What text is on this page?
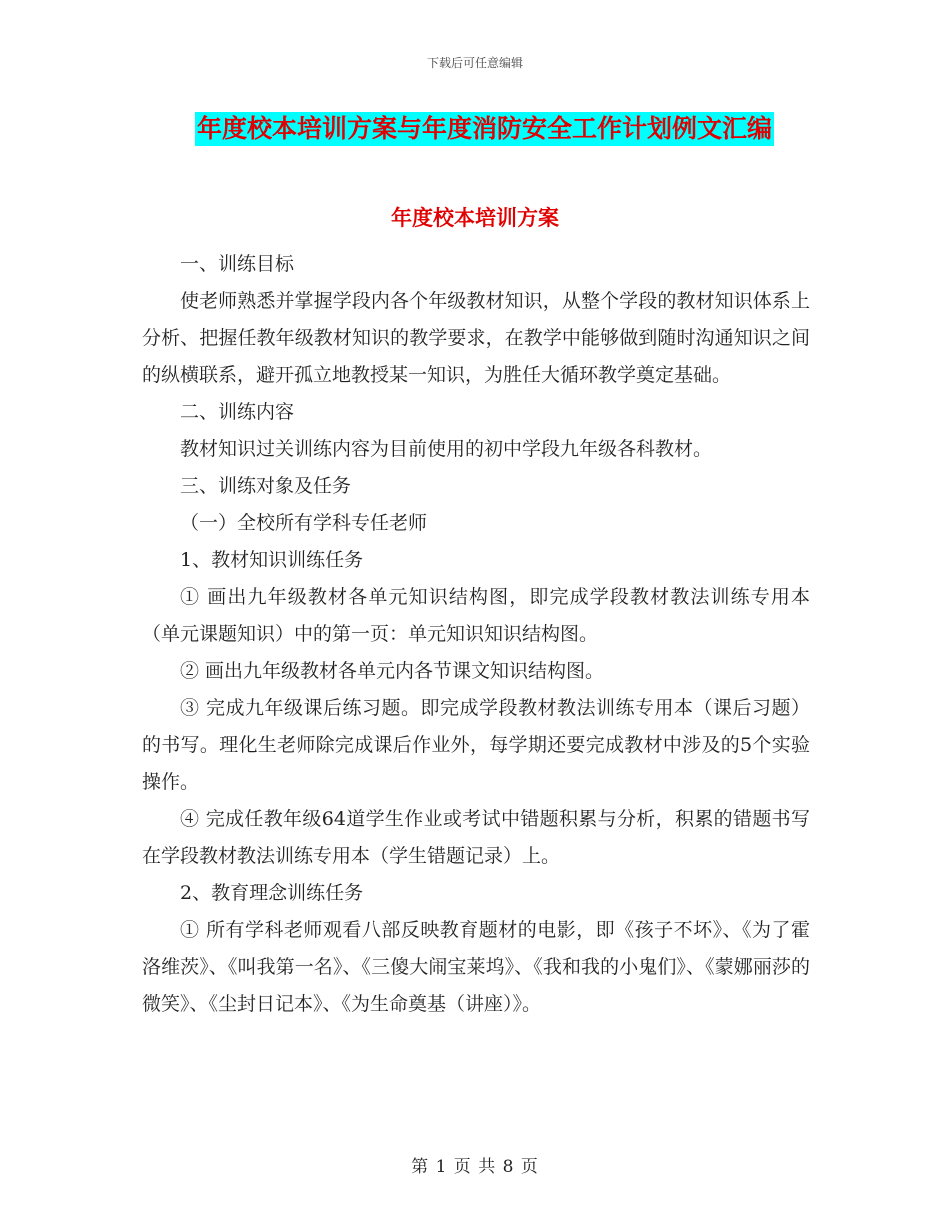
下载后可任意编辑
年度校本培训方案与年度消防安全工作计划例文汇编
年度校本培训方案

一、训练目标

使老师熟悉并掌握学段内各个年级教材知识，从整个学段的教材知识体系上分析、把握任教年级教材知识的教学要求，在教学中能够做到随时沟通知识之间的纵横联系，避开孤立地教授某一知识，为胜任大循环教学奠定基础。

二、训练内容

教材知识过关训练内容为目前使用的初中学段九年级各科教材。

三、训练对象及任务

（一）全校所有学科专任老师

1、教材知识训练任务

① 画出九年级教材各单元知识结构图，即完成学段教材教法训练专用本（单元课题知识）中的第一页：单元知识知识结构图。

② 画出九年级教材各单元内各节课文知识结构图。

③ 完成九年级课后练习题。即完成学段教材教法训练专用本（课后习题）的书写。理化生老师除完成课后作业外，每学期还要完成教材中涉及的5个实验操作。

④ 完成任教年级64道学生作业或考试中错题积累与分析，积累的错题书写在学段教材教法训练专用本（学生错题记录）上。

2、教育理念训练任务

① 所有学科老师观看八部反映教育题材的电影，即《孩子不坏》、《为了霍洛维茨》、《叫我第一名》、《三傻大闹宝莱坞》、《我和我的小鬼们》、《蒙娜丽莎的微笑》、《尘封日记本》、《为生命奠基（讲座）》。

第 1 页 共 8 页
